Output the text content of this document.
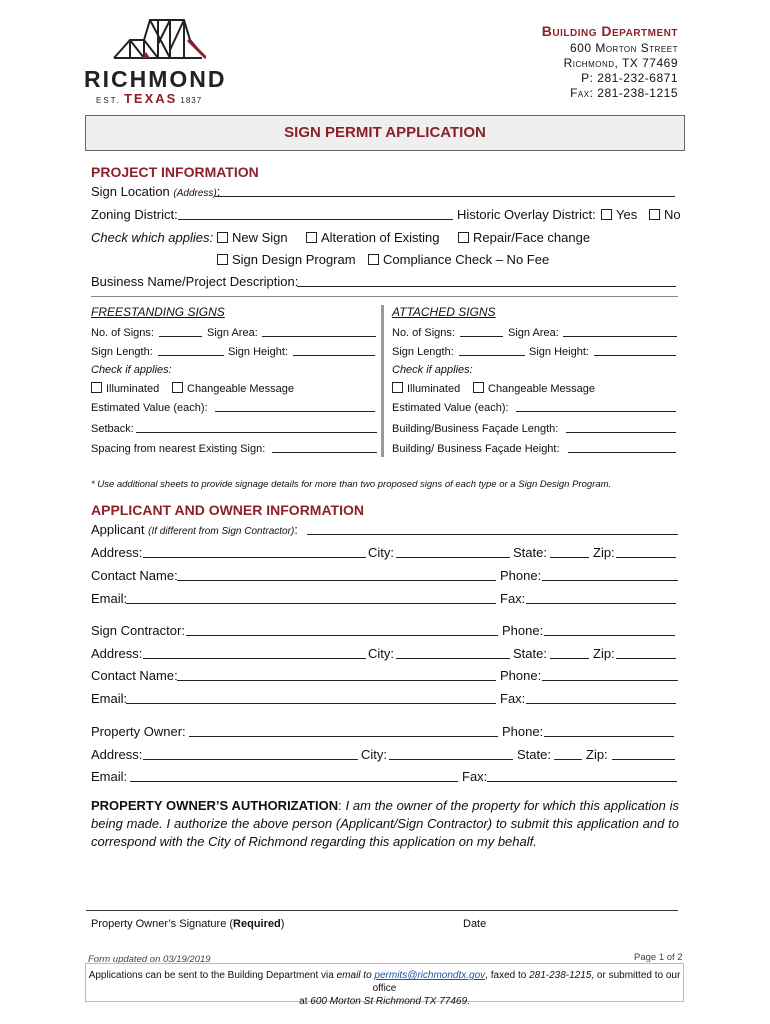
RICHMOND
EST. TEXAS 1837
Building Department
600 Morton Street
Richmond, TX 77469
P: 281-232-6871
Fax: 281-238-1215
SIGN PERMIT APPLICATION
PROJECT INFORMATION
Sign Location (Address):
Zoning District:	Historic Overlay District:	Yes	No
Check which applies:	New Sign	Alteration of Existing	Repair/Face change
Sign Design Program	Compliance Check – No Fee
Business Name/Project Description:
FREESTANDING SIGNS
No. of Signs:	Sign Area:
Sign Length:	Sign Height:
Check if applies:
Illuminated	Changeable Message
Estimated Value (each):
Setback:
Spacing from nearest Existing Sign:
ATTACHED SIGNS
No. of Signs:	Sign Area:
Sign Length:	Sign Height:
Check if applies:
Illuminated	Changeable Message
Estimated Value (each):
Building/Business Façade Length:
Building/ Business Façade Height:
* Use additional sheets to provide signage details for more than two proposed signs of each type or a Sign Design Program.
APPLICANT AND OWNER INFORMATION
Applicant (If different from Sign Contractor):
Address:	City:	State:	Zip:
Contact Name:	Phone:
Email:	Fax:
Sign Contractor:	Phone:
Address:	City:	State:	Zip:
Contact Name:	Phone:
Email:	Fax:
Property Owner:	Phone:
Address:	City:	State:	Zip:
Email:	Fax:
PROPERTY OWNER’S AUTHORIZATION: I am the owner of the property for which this application is being made. I authorize the above person (Applicant/Sign Contractor) to submit this application and to correspond with the City of Richmond regarding this application on my behalf.
Property Owner’s Signature (Required)	Date
Form updated on 03/19/2019	Page 1 of 2
Applications can be sent to the Building Department via email to permits@richmondtx.gov, faxed to 281-238-1215, or submitted to our office
at 600 Morton St Richmond TX 77469.
